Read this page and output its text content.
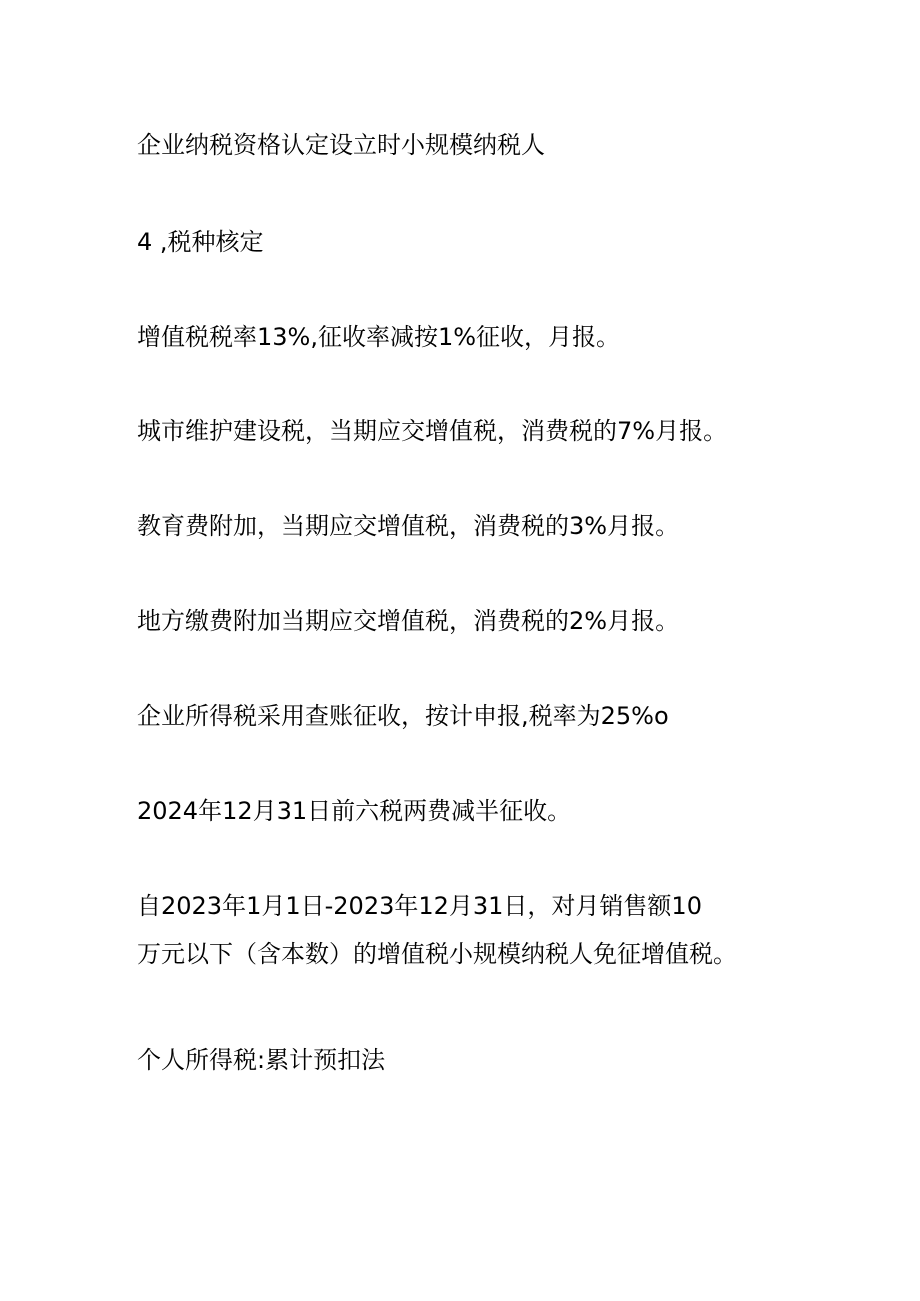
企业纳税资格认定设立时小规模纳税人
4 ,税种核定
增值税税率13%,征收率减按1%征收，月报。
城市维护建设税，当期应交增值税，消费税的7%月报。
教育费附加，当期应交增值税，消费税的3%月报。
地方缴费附加当期应交增值税，消费税的2%月报。
企业所得税采用查账征收，按计申报,税率为25%o
2024年12月31日前六税两费减半征收。
自2023年1月1日-2023年12月31日，对月销售额10
万元以下（含本数）的增值税小规模纳税人免征增值税。
个人所得税:累计预扣法
